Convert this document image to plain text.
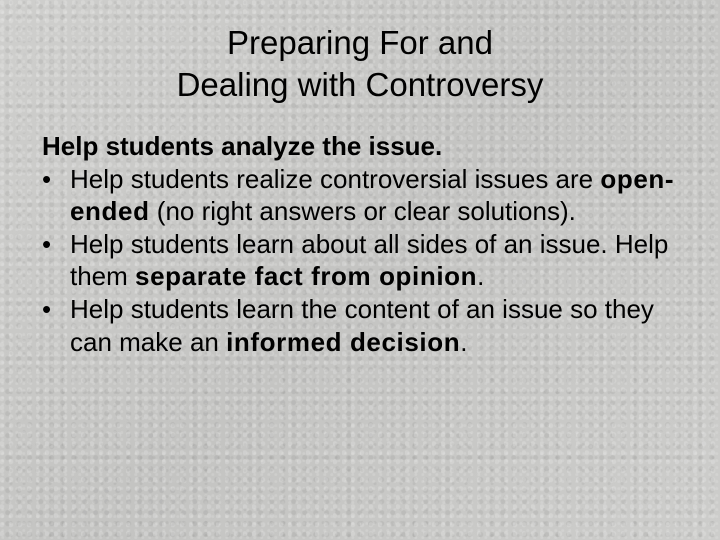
Preparing For and
Dealing with Controversy
Help students analyze the issue.
• Help students realize controversial issues are open-ended (no right answers or clear solutions).
• Help students learn about all sides of an issue. Help them separate fact from opinion.
• Help students learn the content of an issue so they can make an informed decision.
